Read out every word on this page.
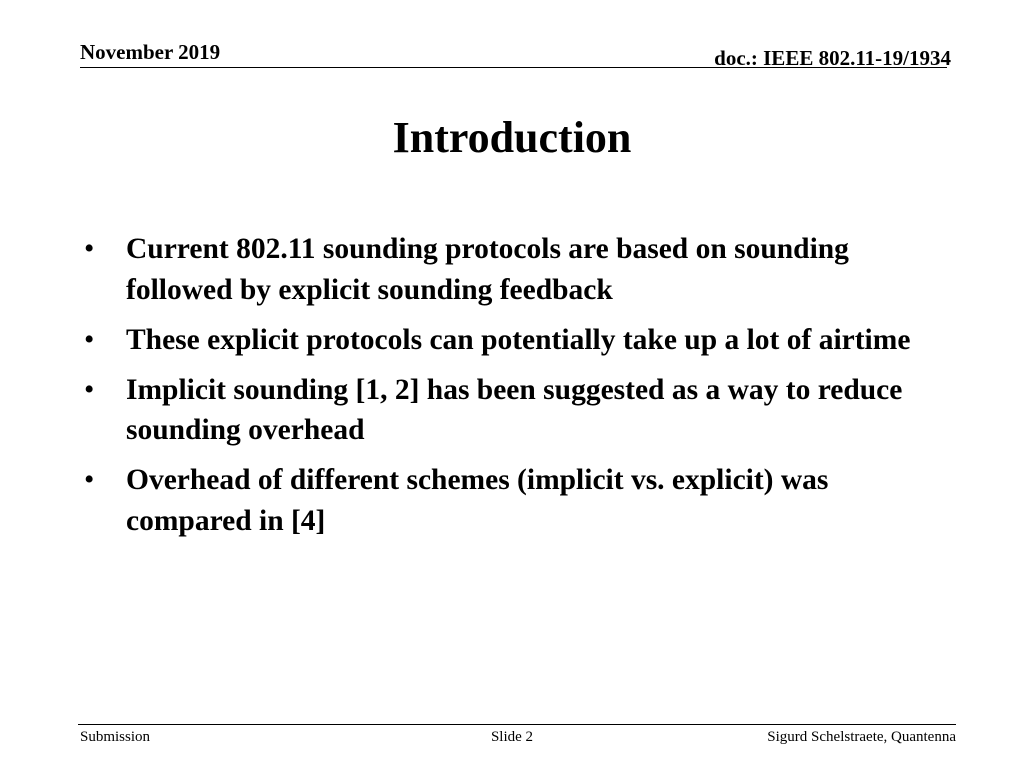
November 2019	doc.: IEEE 802.11-19/1934
Introduction
•	Current 802.11 sounding protocols are based on sounding followed by explicit sounding feedback
•	These explicit protocols can potentially take up a lot of airtime
•	Implicit sounding [1, 2] has been suggested as a way to reduce sounding overhead
•	Overhead of different schemes (implicit vs. explicit) was compared in [4]
Submission	Slide 2	Sigurd Schelstraete, Quantenna
